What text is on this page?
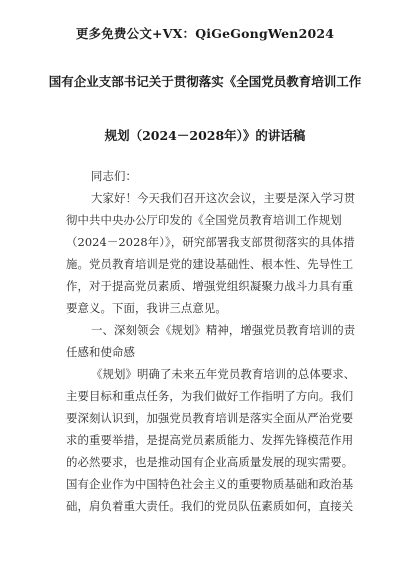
更多免费公文+VX：QiGeGongWen2024
国有企业支部书记关于贯彻落实《全国党员教育培训工作
规划（2024－2028年）》的讲话稿
同志们：
大家好！今天我们召开这次会议，主要是深入学习贯
彻中共中央办公厅印发的《全国党员教育培训工作规划
（2024－2028年）》，研究部署我支部贯彻落实的具体措
施。党员教育培训是党的建设基础性、根本性、先导性工
作，对于提高党员素质、增强党组织凝聚力战斗力具有重
要意义。下面，我讲三点意见。
一、深刻领会《规划》精神，增强党员教育培训的责
任感和使命感
《规划》明确了未来五年党员教育培训的总体要求、
主要目标和重点任务，为我们做好工作指明了方向。我们
要深刻认识到，加强党员教育培训是落实全面从严治党要
求的重要举措，是提高党员素质能力、发挥先锋模范作用
的必然要求，也是推动国有企业高质量发展的现实需要。
国有企业作为中国特色社会主义的重要物质基础和政治基
础，肩负着重大责任。我们的党员队伍素质如何，直接关
